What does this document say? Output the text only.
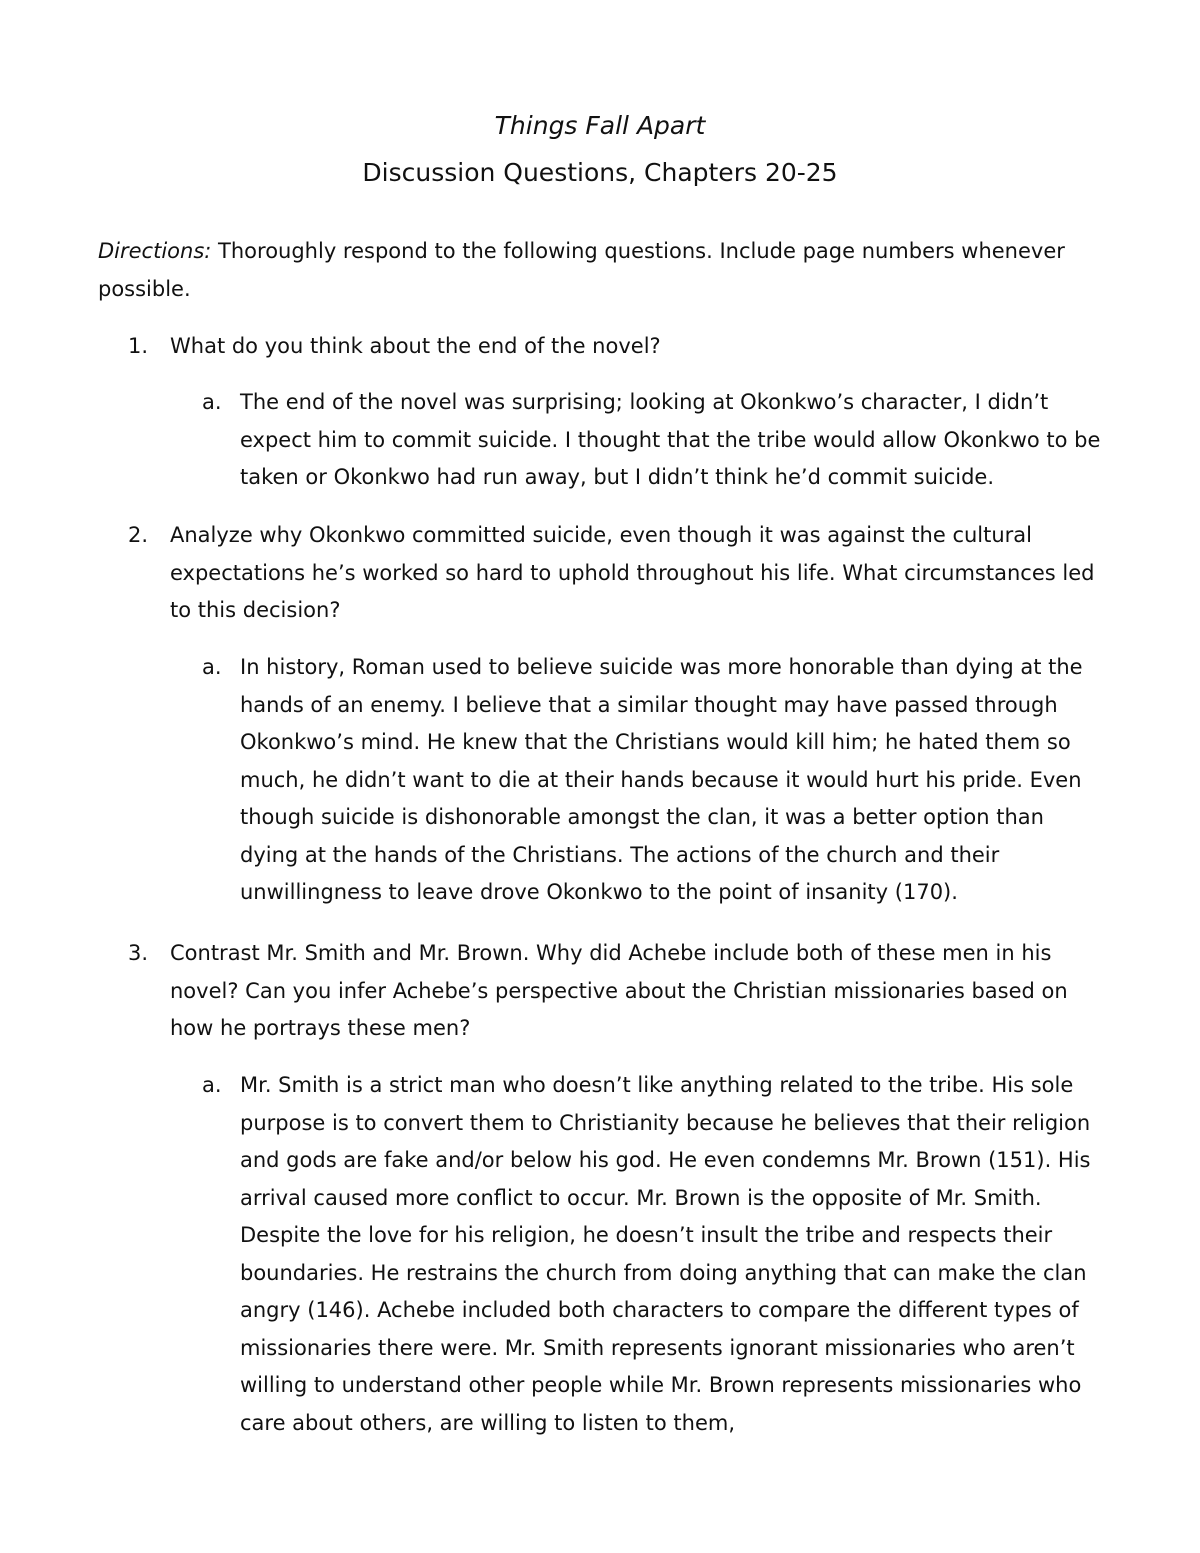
Things Fall Apart
Discussion Questions, Chapters 20-25
Directions: Thoroughly respond to the following questions. Include page numbers whenever possible.
1.	What do you think about the end of the novel?
a. The end of the novel was surprising; looking at Okonkwo’s character, I didn’t expect him to commit suicide. I thought that the tribe would allow Okonkwo to be taken or Okonkwo had run away, but I didn’t think he’d commit suicide.
2.	Analyze why Okonkwo committed suicide, even though it was against the cultural expectations he’s worked so hard to uphold throughout his life. What circumstances led to this decision?
a. In history, Roman used to believe suicide was more honorable than dying at the hands of an enemy. I believe that a similar thought may have passed through Okonkwo’s mind. He knew that the Christians would kill him; he hated them so much, he didn’t want to die at their hands because it would hurt his pride. Even though suicide is dishonorable amongst the clan, it was a better option than dying at the hands of the Christians. The actions of the church and their unwillingness to leave drove Okonkwo to the point of insanity (170).
3.	Contrast Mr. Smith and Mr. Brown. Why did Achebe include both of these men in his novel? Can you infer Achebe’s perspective about the Christian missionaries based on how he portrays these men?
a. Mr. Smith is a strict man who doesn’t like anything related to the tribe. His sole purpose is to convert them to Christianity because he believes that their religion and gods are fake and/or below his god. He even condemns Mr. Brown (151). His arrival caused more conflict to occur. Mr. Brown is the opposite of Mr. Smith. Despite the love for his religion, he doesn’t insult the tribe and respects their boundaries. He restrains the church from doing anything that can make the clan angry (146). Achebe included both characters to compare the different types of missionaries there were. Mr. Smith represents ignorant missionaries who aren’t willing to understand other people while Mr. Brown represents missionaries who care about others, are willing to listen to them,
